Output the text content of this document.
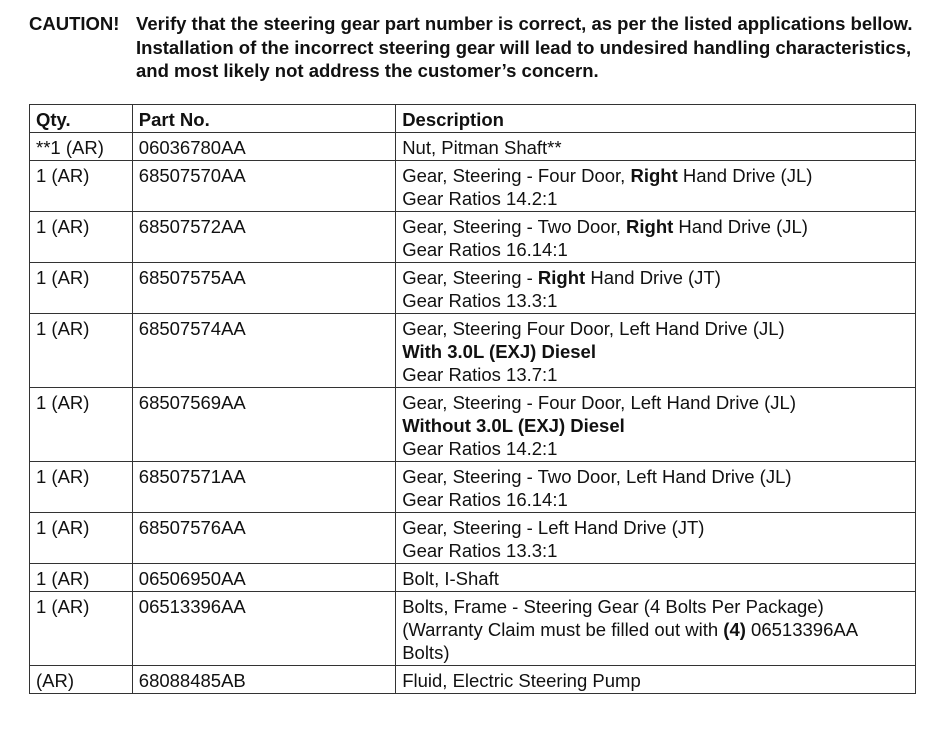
CAUTION! Verify that the steering gear part number is correct, as per the listed applications bellow. Installation of the incorrect steering gear will lead to undesired handling characteristics, and most likely not address the customer’s concern.
Qty.	Part No.	Description
**1 (AR)	06036780AA	Nut, Pitman Shaft**

1 (AR)	68507570AA	Gear, Steering - Four Door, Right Hand Drive (JL)
Gear Ratios 14.2:1

1 (AR)	68507572AA	Gear, Steering - Two Door, Right Hand Drive (JL)
Gear Ratios 16.14:1

1 (AR)	68507575AA	Gear, Steering - Right Hand Drive (JT)
Gear Ratios 13.3:1

1 (AR)	68507574AA	Gear, Steering Four Door, Left Hand Drive (JL)
With 3.0L (EXJ) Diesel
Gear Ratios 13.7:1

1 (AR)	68507569AA	Gear, Steering - Four Door, Left Hand Drive (JL)
Without 3.0L (EXJ) Diesel
Gear Ratios 14.2:1

1 (AR)	68507571AA	Gear, Steering - Two Door, Left Hand Drive (JL)
Gear Ratios 16.14:1

1 (AR)	68507576AA	Gear, Steering - Left Hand Drive (JT)
Gear Ratios 13.3:1

1 (AR)	06506950AA	Bolt, I-Shaft

1 (AR)	06513396AA	Bolts, Frame - Steering Gear (4 Bolts Per Package)
(Warranty Claim must be filled out with (4) 06513396AA
Bolts)

(AR)	68088485AB	Fluid, Electric Steering Pump
